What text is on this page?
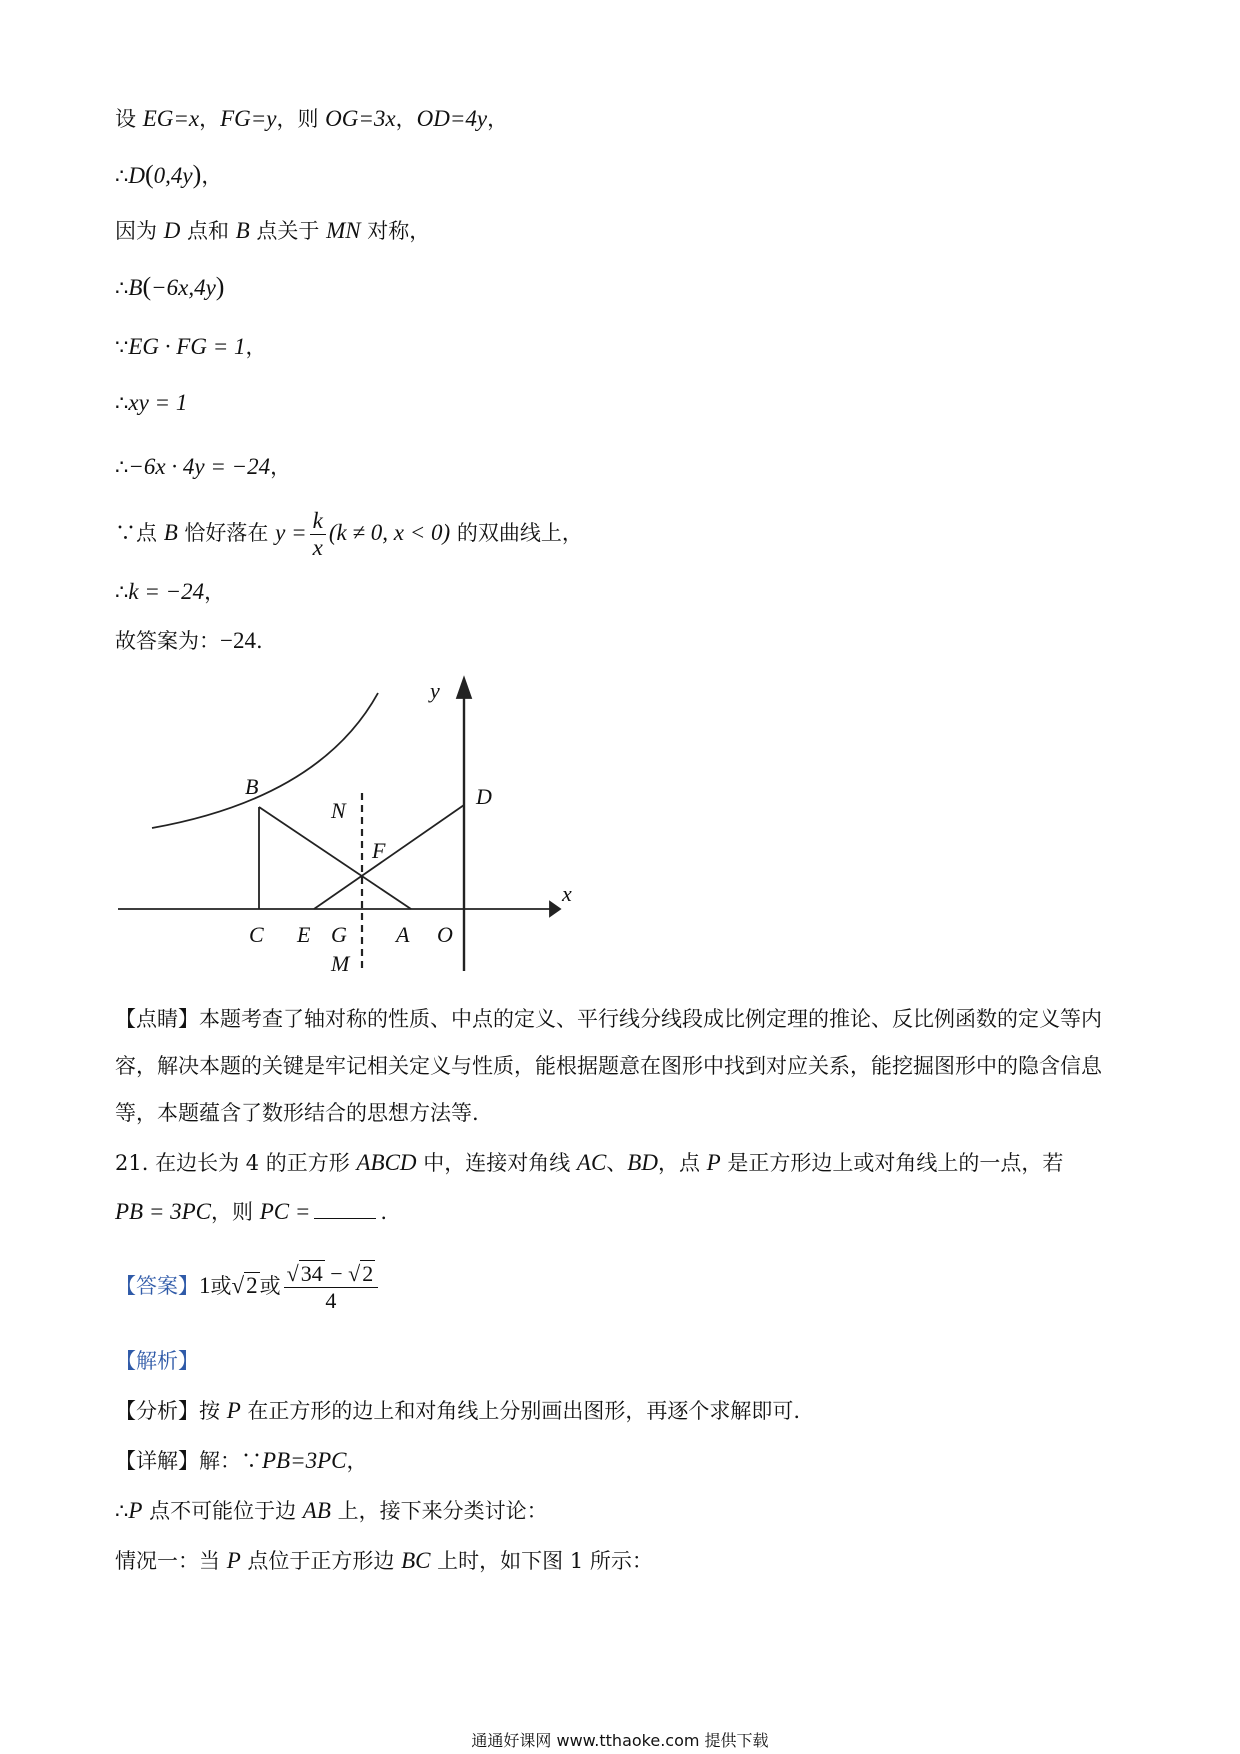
设 EG=x，FG=y，则 OG=3x，OD=4y，
∴D(0,4y)，
因为 D 点和 B 点关于 MN 对称，
∴B(−6x,4y)
∵EG · FG = 1，
∴xy = 1
∴−6x · 4y = −24，
∵点 B 恰好落在 $y = \frac{k}{x} (k \ne 0$, x < 0) 的双曲线上，
∴k = −24，
故答案为：−24.
B
C E G A O
D
N
F
M
y
x
【点睛】本题考查了轴对称的性质、中点的定义、平行线分线段成比例定理的推论、反比例函数的定义等内容，解决本题的关键是牢记相关定义与性质，能根据题意在图形中找到对应关系，能挖掘图形中的隐含信息等，本题蕴含了数形结合的思想方法等.
21. 在边长为 4 的正方形 ABCD 中，连接对角线 AC、BD，点 P 是正方形边上或对角线上的一点，若
PB = 3PC，则 PC =	.
【答案】1或√2或 $\frac{√34 - √2}{4}$
【解析】
【分析】按 P 在正方形的边上和对角线上分别画出图形，再逐个求解即可.
【详解】解：∵PB=3PC，
∴P 点不可能位于边 AB 上，接下来分类讨论：
情况一：当 P 点位于正方形边 BC 上时，如下图 1 所示：
通通好课网 www.tthaoke.com 提供下载
